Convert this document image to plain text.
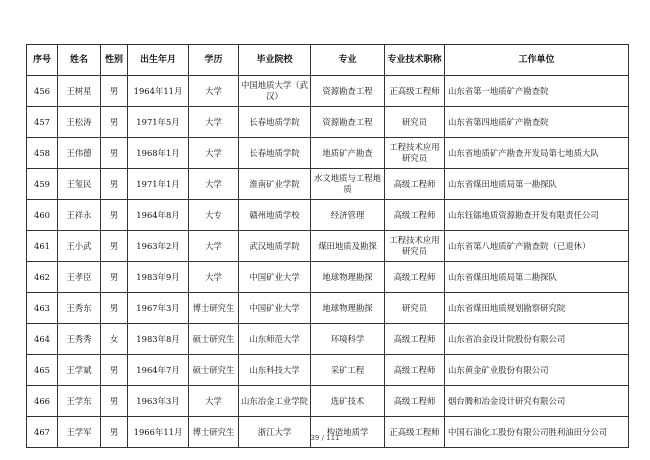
序号	姓名	性别	出生年月	学历	毕业院校	专业	专业技术职称	工作单位
456	王树星	男	1964年11月	大学	中国地质大学（武汉）	资源勘查工程	正高级工程师	山东省第一地质矿产勘查院
457	王松涛	男	1971年5月	大学	长春地质学院	资源勘查工程	研究员	山东省第四地质矿产勘查院
458	王伟德	男	1968年1月	大学	长春地质学院	地质矿产勘查	工程技术应用研究员	山东省地质矿产勘查开发局第七地质大队
459	王玺民	男	1971年1月	大学	淮南矿业学院	水文地质与工程地质	高级工程师	山东省煤田地质局第一勘探队
460	王祥永	男	1964年8月	大专	赣州地质学校	经济管理	高级工程师	山东钰镭地质资源勘查开发有限责任公司
461	王小武	男	1963年2月	大学	武汉地质学院	煤田地质及勘探	工程技术应用研究员	山东省第八地质矿产勘查院（已退休）
462	王孝臣	男	1983年9月	大学	中国矿业大学	地球物理勘探	高级工程师	山东省煤田地质局第二勘探队
463	王秀东	男	1967年3月	博士研究生	中国矿业大学	地球物理勘探	研究员	山东省煤田地质规划勘察研究院
464	王秀秀	女	1983年8月	硕士研究生	山东师范大学	环境科学	高级工程师	山东省冶金设计院股份有限公司
465	王学斌	男	1964年7月	硕士研究生	山东科技大学	采矿工程	高级工程师	山东黄金矿业股份有限公司
466	王学东	男	1963年3月	大学	山东冶金工业学院	选矿技术	高级工程师	烟台腾和冶金设计研究有限公司
467	王学军	男	1966年11月	博士研究生	浙江大学	构造地质学	正高级工程师	中国石油化工股份有限公司胜利油田分公司
39 / 111
